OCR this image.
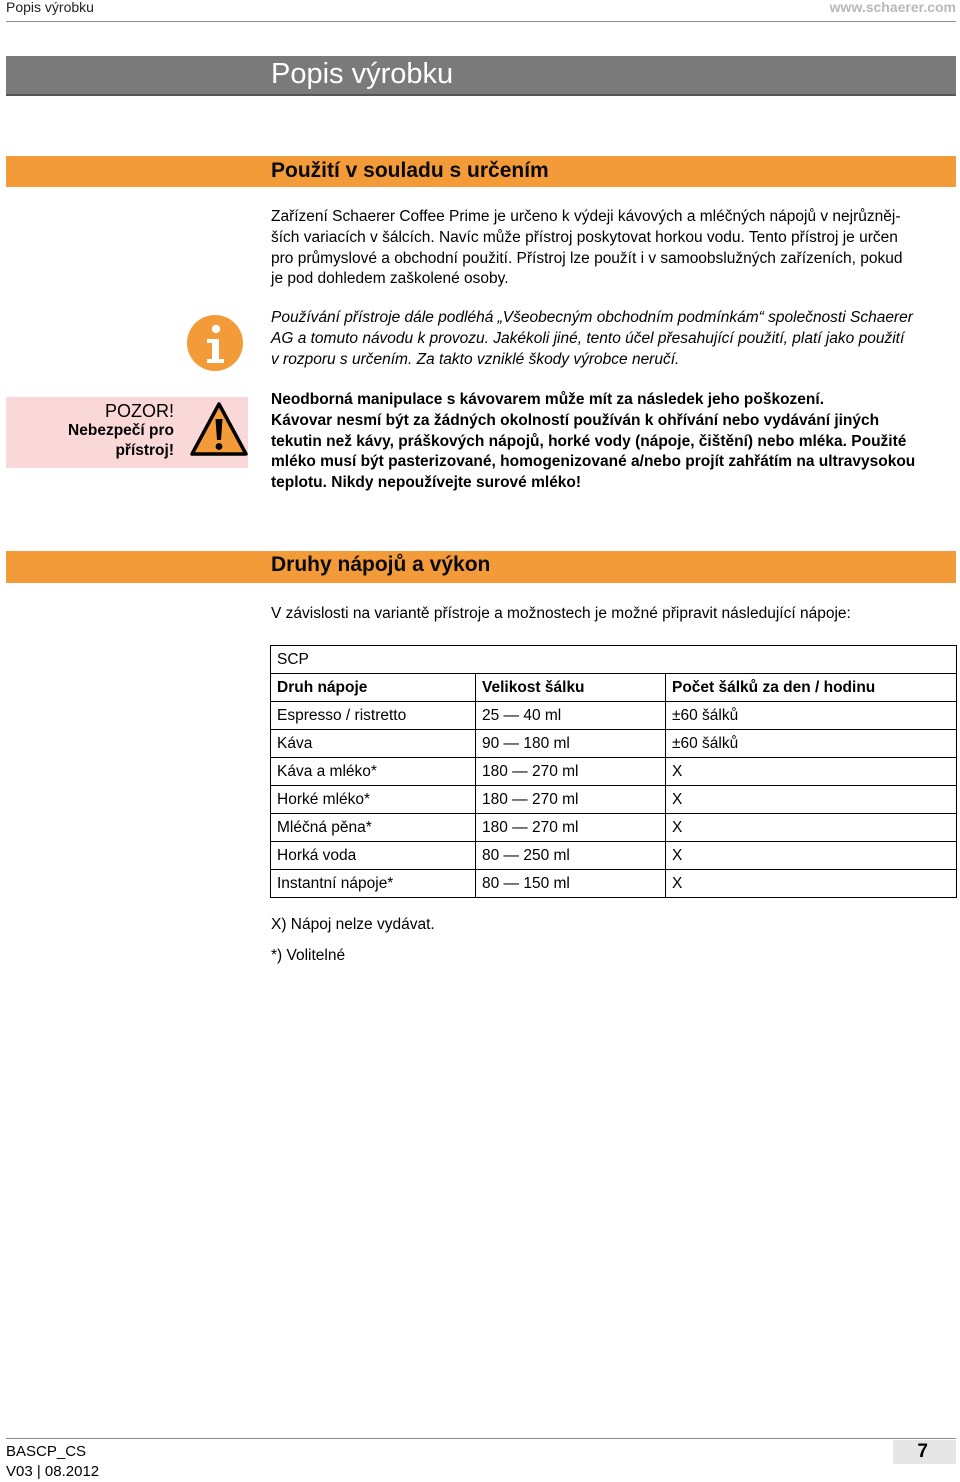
Popis výrobku	www.schaerer.com
Popis výrobku
Použití v souladu s určením
Zařízení Schaerer Coffee Prime je určeno k výdeji kávových a mléčných nápojů v nejrůzněj-
ších variacích v šálcích. Navíc může přístroj poskytovat horkou vodu. Tento přístroj je určen
pro průmyslové a obchodní použití. Přístroj lze použít i v samoobslužných zařízeních, pokud
je pod dohledem zaškolené osoby.
Používání přístroje dále podléhá „Všeobecným obchodním podmínkám“ společnosti Schaerer
AG a tomuto návodu k provozu. Jakékoli jiné, tento účel přesahující použití, platí jako použití
v rozporu s určením. Za takto vzniklé škody výrobce neručí.
POZOR!
Nebezpečí pro
přístroj!
Neodborná manipulace s kávovarem může mít za následek jeho poškození.
Kávovar nesmí být za žádných okolností používán k ohřívání nebo vydávání jiných
tekutin než kávy, práškových nápojů, horké vody (nápoje, čištění) nebo mléka. Použité
mléko musí být pasterizované, homogenizované a/nebo projít zahřátím na ultravysokou
teplotu. Nikdy nepoužívejte surové mléko!
Druhy nápojů a výkon
V závislosti na variantě přístroje a možnostech je možné připravit následující nápoje:
SCP		
Druh nápoje	Velikost šálku	Počet šálků za den / hodinu
Espresso / ristretto	25 — 40 ml	±60 šálků
Káva	90 — 180 ml	±60 šálků
Káva a mléko*	180 — 270 ml	X
Horké mléko*	180 — 270 ml	X
Mléčná pěna*	180 — 270 ml	X
Horká voda	80 — 250 ml	X
Instantní nápoje*	80 — 150 ml	X
X) Nápoj nelze vydávat.
*) Volitelné
BASCP_CS
V03 | 08.2012
7
